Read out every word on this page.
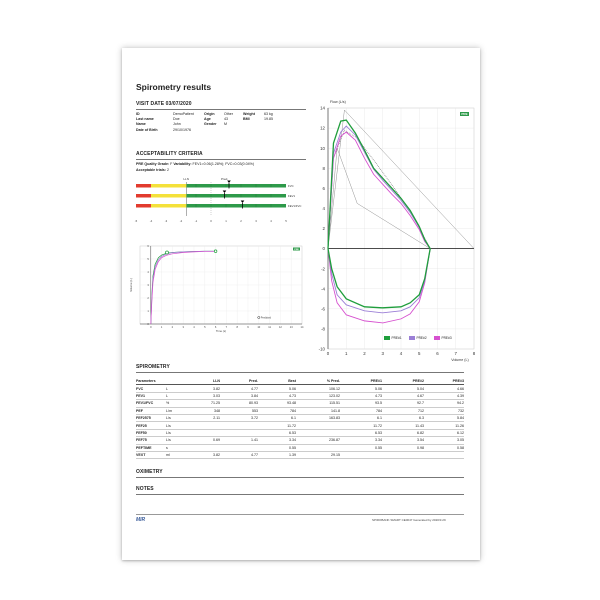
Spirometry results
VISIT DATE 03/07/2020
ID	DemoPatient
Last name	Doe
Name	John
Date of Birth	29/10/1976
Origin	Other
Age	43
Gender M
Weight	63 kg
BMI	19.85
ACCEPTABILITY CRITERIA
PRE Quality Grade: F Variability: FEV1=0.06(1.28%); FVC=0.03(0.04%)
Acceptable trials: 2
LLN	Pred.
FVC
FEV1
FEV1/FVC
-5	-4	-3	-2	-1	0	1	2	3	4	5
6
5
4
3
2
1
0
0	1	2	3	4	5	6	7	8	9	10	11	12	13	14
Time (s)
Volume (L)
PRE
Predicted
14
12
10
8
6
4
2
0
-2
-4
-6
-8
-10
0	1	2	3	4	5	6	7	8
Flow (L/s)
Volume (L)
PRE
PRE#1	PRE#2	PRE#3
SPIROMETRY
Parameters		LLN	Pred.	Best	% Pred.	PRE#1	PRE#2	PRE#3
FVC	L	3.82	4.77	5.06	106.12	5.06	5.04	4.66
FEV1	L	3.03	3.84	4.73	123.02	4.73	4.67	4.39
FEV1/FVC	%	71.25	80.93	93.48	115.51	93.5	92.7	94.2
PEF	L/m	348	553	784	141.8	784	712	732
FEF2575	L/s	2.11	3.72	6.1	163.83	6.1	6.3	5.84
FEF25	L/s			11.72		11.72	11.43	11.26
FEF50	L/s			6.53		6.53	6.82	6.12
FEF75	L/s	0.69	1.41	3.34	236.87	3.34	3.54	3.05
PEFTIME	s			0.55		0.55	0.98	0.58
VEXT	ml	3.82	4.77	1.39	29.15			
OXIMETRY
NOTES
MIR	SPIROBANK SMART CE0047 Generated by 2020/3.29
